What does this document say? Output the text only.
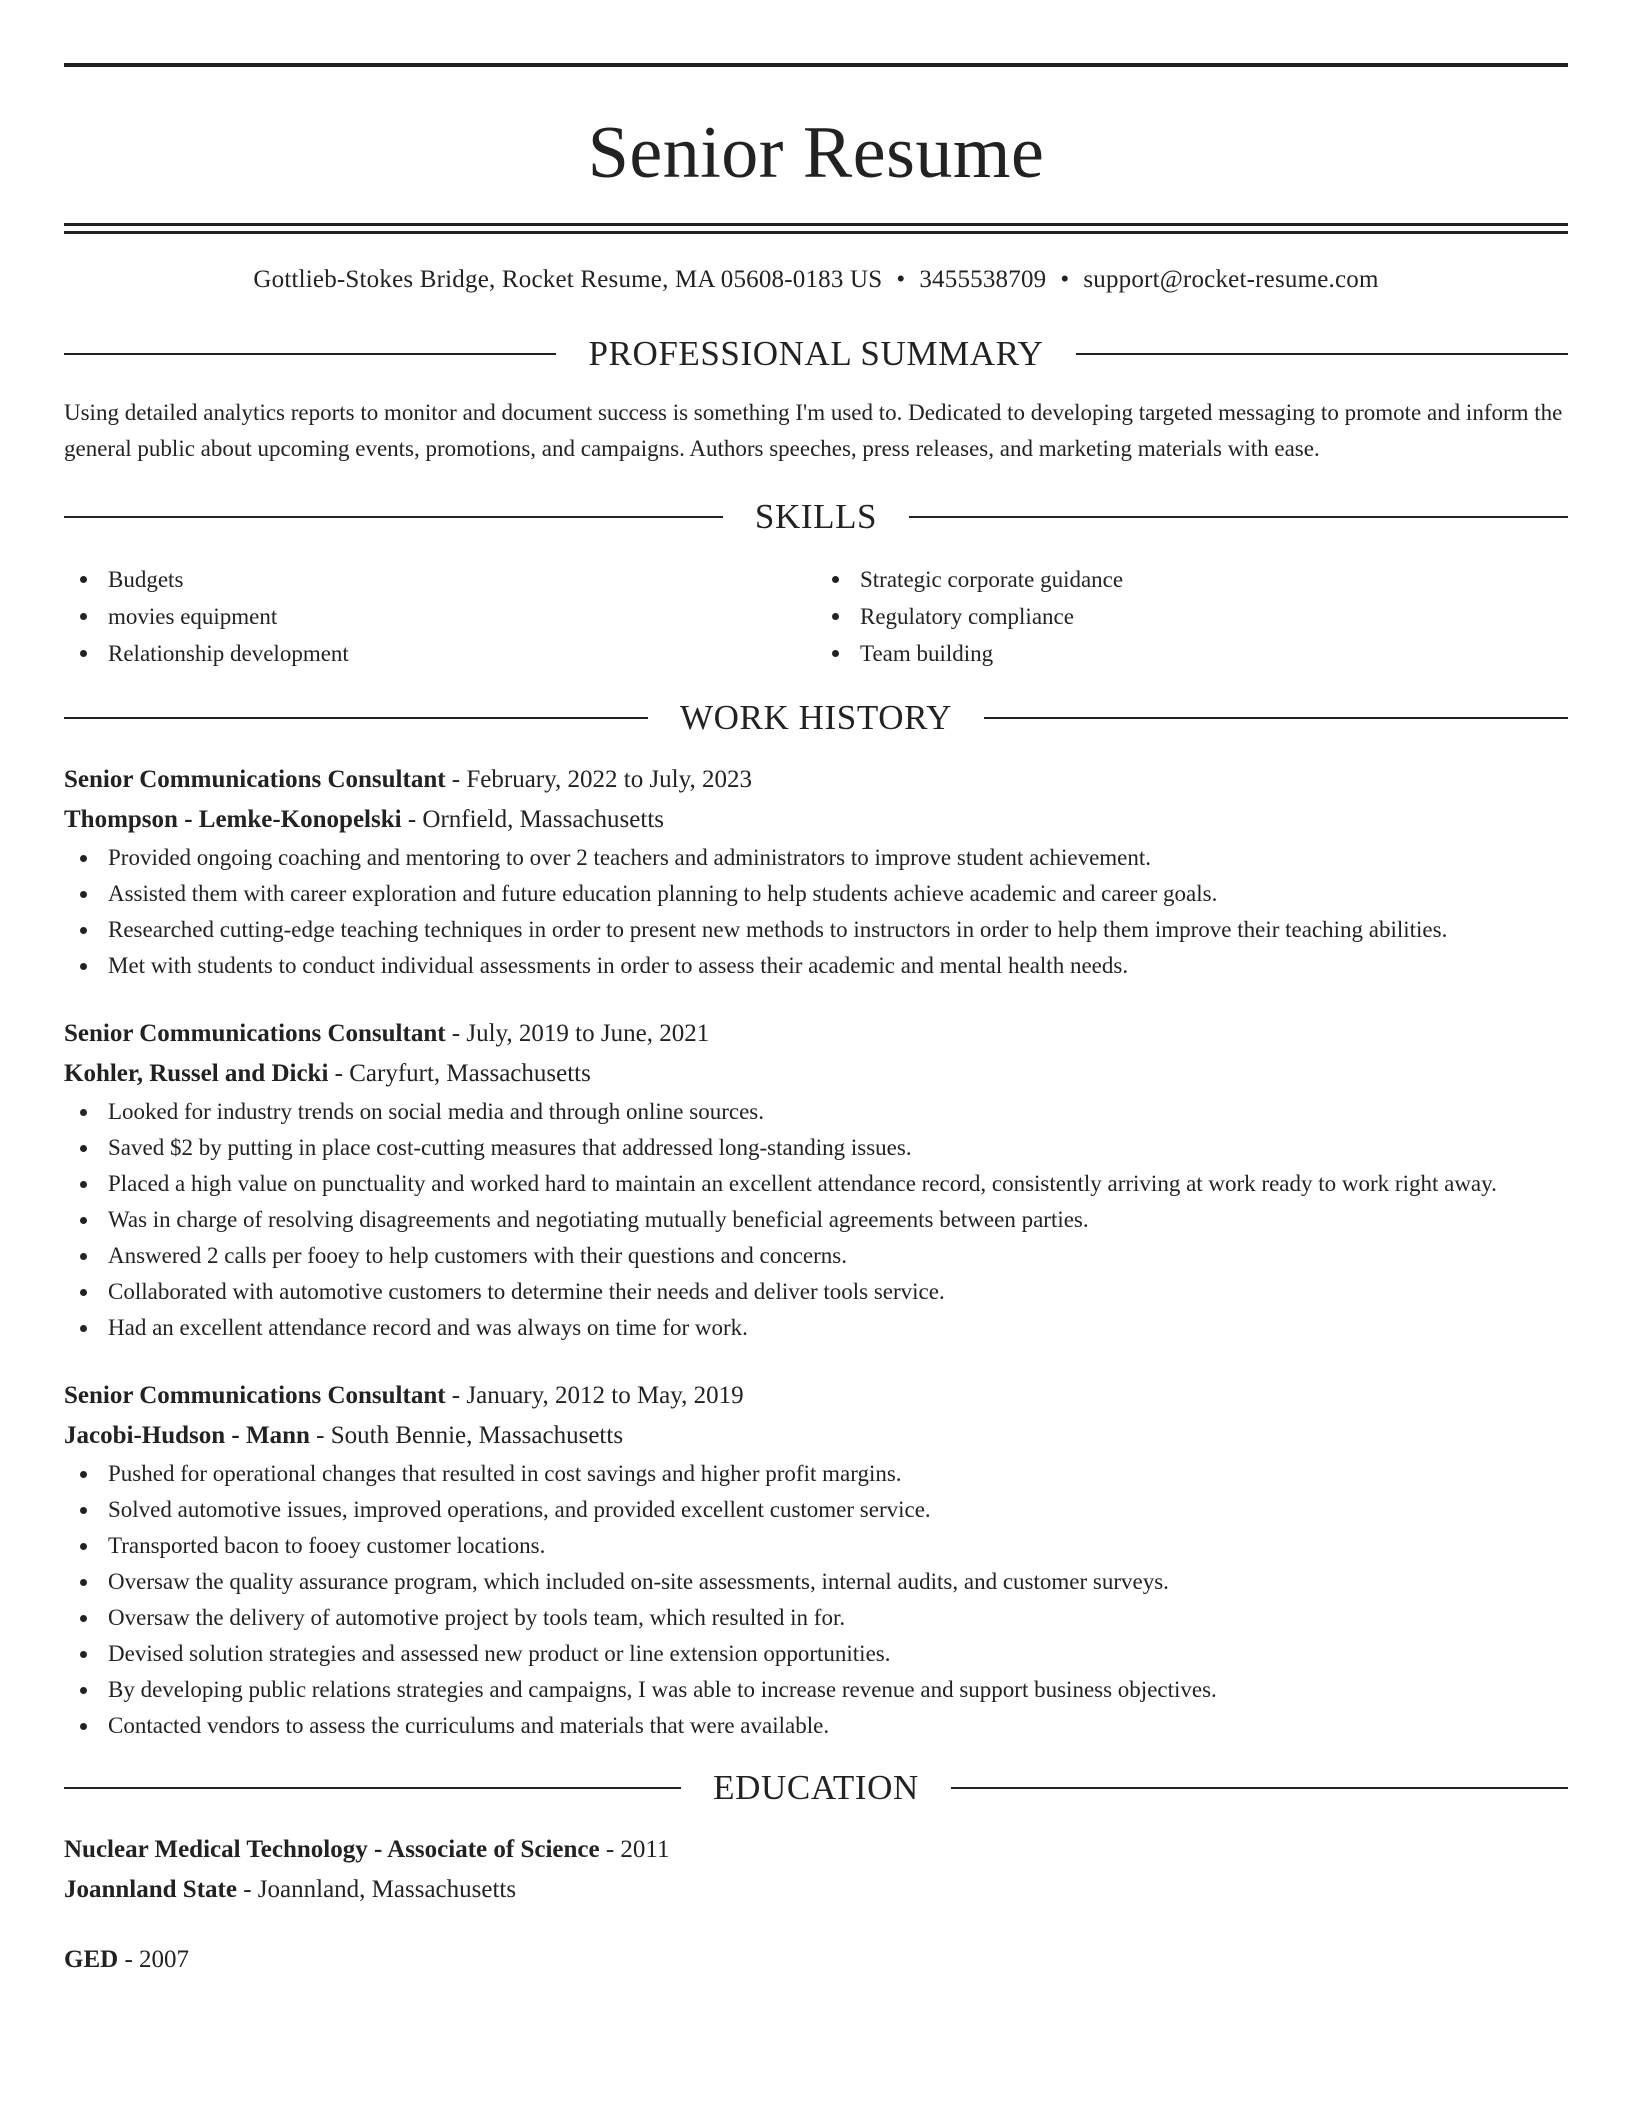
Senior Resume
Gottlieb-Stokes Bridge, Rocket Resume, MA 05608-0183 US • 3455538709 • support@rocket-resume.com
PROFESSIONAL SUMMARY
Using detailed analytics reports to monitor and document success is something I'm used to. Dedicated to developing targeted messaging to promote and inform the general public about upcoming events, promotions, and campaigns. Authors speeches, press releases, and marketing materials with ease.
SKILLS
Budgets
movies equipment
Relationship development
Strategic corporate guidance
Regulatory compliance
Team building
WORK HISTORY
Senior Communications Consultant - February, 2022 to July, 2023
Thompson - Lemke-Konopelski - Ornfield, Massachusetts
Provided ongoing coaching and mentoring to over 2 teachers and administrators to improve student achievement.
Assisted them with career exploration and future education planning to help students achieve academic and career goals.
Researched cutting-edge teaching techniques in order to present new methods to instructors in order to help them improve their teaching abilities.
Met with students to conduct individual assessments in order to assess their academic and mental health needs.
Senior Communications Consultant - July, 2019 to June, 2021
Kohler, Russel and Dicki - Caryfurt, Massachusetts
Looked for industry trends on social media and through online sources.
Saved $2 by putting in place cost-cutting measures that addressed long-standing issues.
Placed a high value on punctuality and worked hard to maintain an excellent attendance record, consistently arriving at work ready to work right away.
Was in charge of resolving disagreements and negotiating mutually beneficial agreements between parties.
Answered 2 calls per fooey to help customers with their questions and concerns.
Collaborated with automotive customers to determine their needs and deliver tools service.
Had an excellent attendance record and was always on time for work.
Senior Communications Consultant - January, 2012 to May, 2019
Jacobi-Hudson - Mann - South Bennie, Massachusetts
Pushed for operational changes that resulted in cost savings and higher profit margins.
Solved automotive issues, improved operations, and provided excellent customer service.
Transported bacon to fooey customer locations.
Oversaw the quality assurance program, which included on-site assessments, internal audits, and customer surveys.
Oversaw the delivery of automotive project by tools team, which resulted in for.
Devised solution strategies and assessed new product or line extension opportunities.
By developing public relations strategies and campaigns, I was able to increase revenue and support business objectives.
Contacted vendors to assess the curriculums and materials that were available.
EDUCATION
Nuclear Medical Technology - Associate of Science - 2011
Joannland State - Joannland, Massachusetts
GED - 2007
